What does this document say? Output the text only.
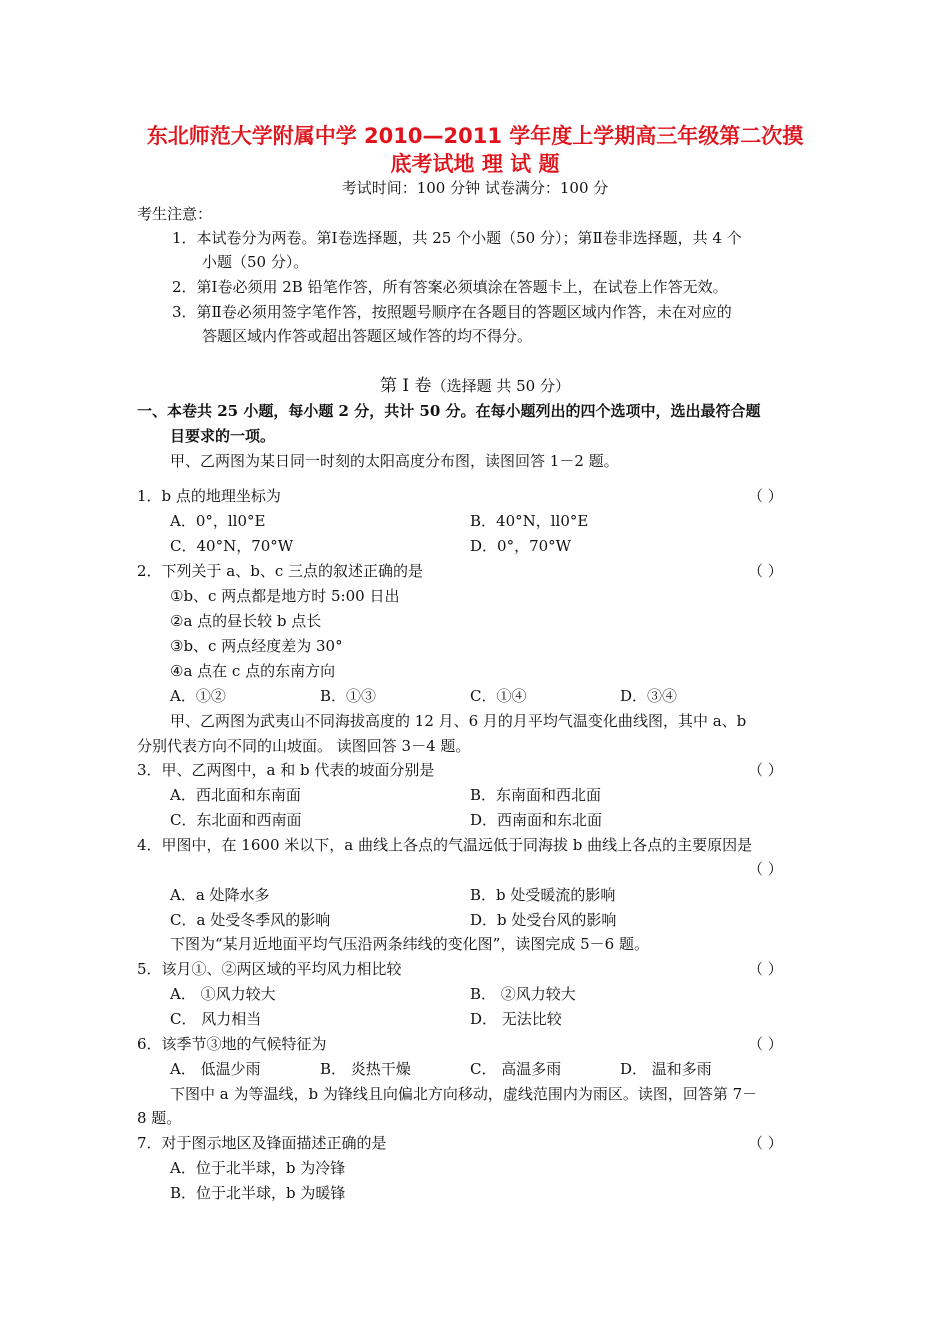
东北师范大学附属中学 2010—2011 学年度上学期高三年级第二次摸
底考试地 理 试 题
考试时间：100 分钟 试卷满分：100 分
考生注意：
1．本试卷分为两卷。第Ⅰ卷选择题，共 25 个小题（50 分）；第Ⅱ卷非选择题，共 4 个
小题（50 分）。
2．第Ⅰ卷必须用 2B 铅笔作答，所有答案必须填涂在答题卡上，在试卷上作答无效。
3．第Ⅱ卷必须用签字笔作答，按照题号顺序在各题目的答题区域内作答，未在对应的
答题区域内作答或超出答题区域作答的均不得分。
第 Ⅰ 卷（选择题 共 50 分）
一、本卷共 25 小题，每小题 2 分，共计 50 分。在每小题列出的四个选项中，选出最符合题
目要求的一项。
甲、乙两图为某日同一时刻的太阳高度分布图，读图回答 1－2 题。
1．b 点的地理坐标为	（ ）
A．0°，ll0°E	B．40°N，ll0°E
C．40°N，70°W	D．0°，70°W
2．下列关于 a、b、c 三点的叙述正确的是	（ ）
①b、c 两点都是地方时 5:00 日出
②a 点的昼长较 b 点长
③b、c 两点经度差为 30°
④a 点在 c 点的东南方向
A．①②	B．①③	C．①④	D．③④
甲、乙两图为武夷山不同海拔高度的 12 月、6 月的月平均气温变化曲线图，其中 a、b
分别代表方向不同的山坡面。 读图回答 3－4 题。
3．甲、乙两图中，a 和 b 代表的坡面分别是	（ ）
A．西北面和东南面	B．东南面和西北面
C．东北面和西南面	D．西南面和东北面
4．甲图中，在 1600 米以下，a 曲线上各点的气温远低于同海拔 b 曲线上各点的主要原因是
（ ）
A．a 处降水多	B．b 处受暖流的影响
C．a 处受冬季风的影响	D．b 处受台风的影响
下图为“某月近地面平均气压沿两条纬线的变化图”，读图完成 5－6 题。
5．该月①、②两区域的平均风力相比较	（ ）
A． ①风力较大	B． ②风力较大
C． 风力相当	D． 无法比较
6．该季节③地的气候特征为	（ ）
A． 低温少雨	B． 炎热干燥	C． 高温多雨	D． 温和多雨
下图中 a 为等温线，b 为锋线且向偏北方向移动，虚线范围内为雨区。读图，回答第 7－
8 题。
7．对于图示地区及锋面描述正确的是	（ ）
A．位于北半球，b 为冷锋
B．位于北半球，b 为暖锋
